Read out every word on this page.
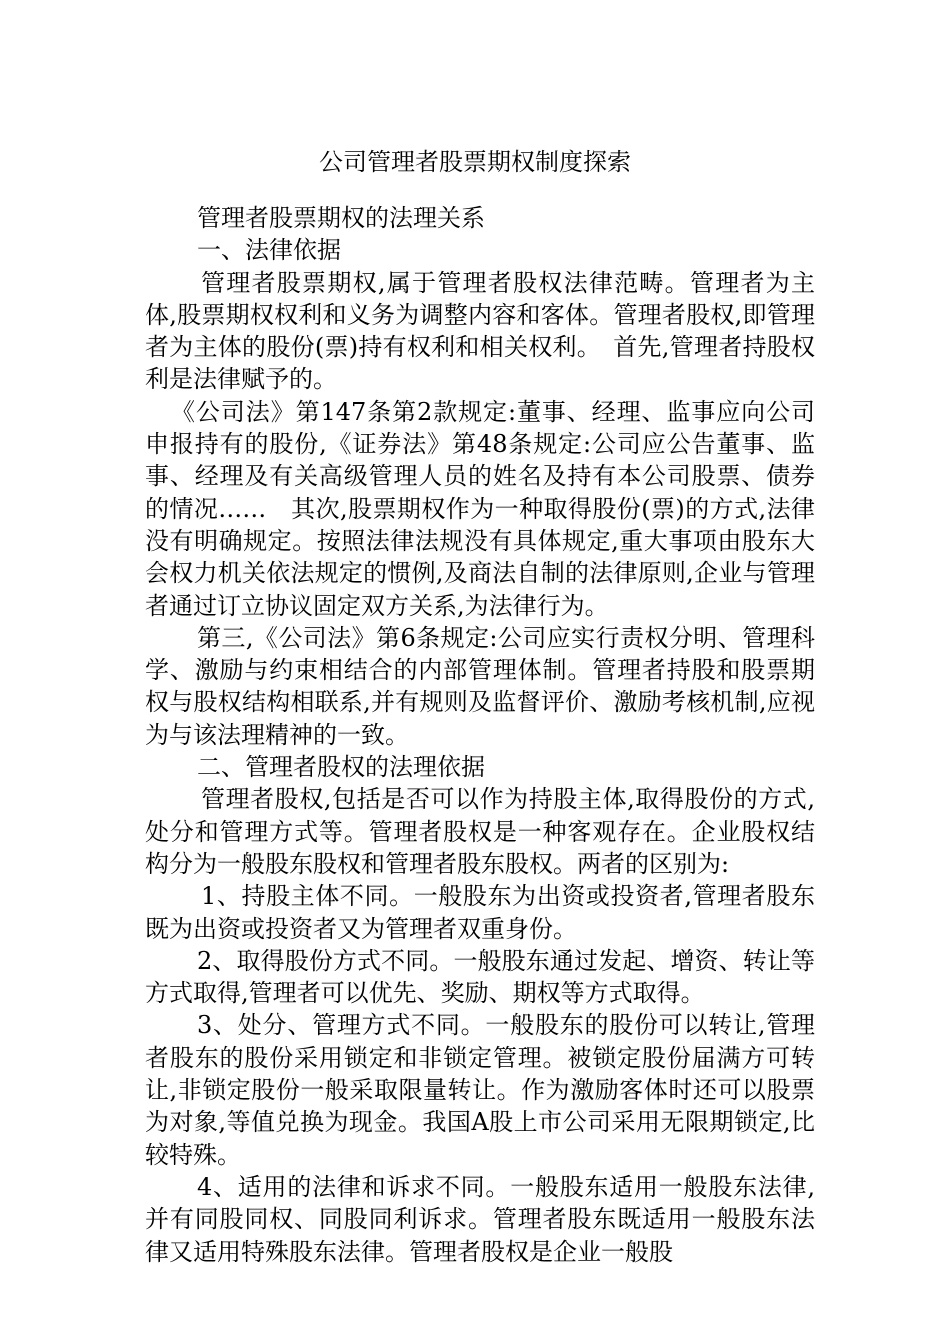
公司管理者股票期权制度探索

管理者股票期权的法理关系

一、法律依据

管理者股票期权,属于管理者股权法律范畴。管理者为主体,股票期权权利和义务为调整内容和客体。管理者股权,即管理者为主体的股份(票)持有权利和相关权利。　首先,管理者持股权利是法律赋予的。

《公司法》第147条第2款规定:董事、经理、监事应向公司申报持有的股份,《证券法》第48条规定:公司应公告董事、监事、经理及有关高级管理人员的姓名及持有本公司股票、债券的情况……　其次,股票期权作为一种取得股份(票)的方式,法律没有明确规定。按照法律法规没有具体规定,重大事项由股东大会权力机关依法规定的惯例,及商法自制的法律原则,企业与管理者通过订立协议固定双方关系,为法律行为。

第三,《公司法》第6条规定:公司应实行责权分明、管理科学、激励与约束相结合的内部管理体制。管理者持股和股票期权与股权结构相联系,并有规则及监督评价、激励考核机制,应视为与该法理精神的一致。

二、管理者股权的法理依据

管理者股权,包括是否可以作为持股主体,取得股份的方式,处分和管理方式等。管理者股权是一种客观存在。企业股权结构分为一般股东股权和管理者股东股权。两者的区别为:

1、持股主体不同。一般股东为出资或投资者,管理者股东既为出资或投资者又为管理者双重身份。

2、取得股份方式不同。一般股东通过发起、增资、转让等方式取得,管理者可以优先、奖励、期权等方式取得。

3、处分、管理方式不同。一般股东的股份可以转让,管理者股东的股份采用锁定和非锁定管理。被锁定股份届满方可转让,非锁定股份一般采取限量转让。作为激励客体时还可以股票为对象,等值兑换为现金。我国A股上市公司采用无限期锁定,比较特殊。

4、适用的法律和诉求不同。一般股东适用一般股东法律,并有同股同权、同股同利诉求。管理者股东既适用一般股东法律又适用特殊股东法律。管理者股权是企业一般股
